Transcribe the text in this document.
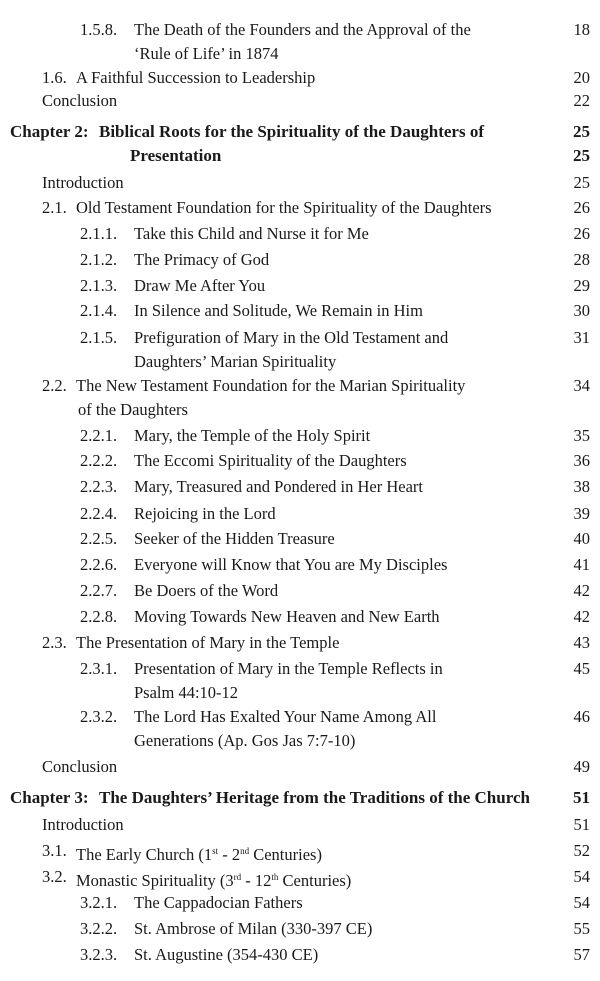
1.5.8. The Death of the Founders and the Approval of the	18
‘Rule of Life’ in 1874
1.6. A Faithful Succession to Leadership	20
Conclusion	22
Chapter 2: Biblical Roots for the Spirituality of the Daughters of	25
Presentation	25
Introduction	25
2.1. Old Testament Foundation for the Spirituality of the Daughters	26
2.1.1. Take this Child and Nurse it for Me	26
2.1.2. The Primacy of God	28
2.1.3. Draw Me After You	29
2.1.4. In Silence and Solitude, We Remain in Him	30
2.1.5. Prefiguration of Mary in the Old Testament and	31
Daughters’ Marian Spirituality
2.2. The New Testament Foundation for the Marian Spirituality	34
of the Daughters
2.2.1. Mary, the Temple of the Holy Spirit	35
2.2.2. The Eccomi Spirituality of the Daughters	36
2.2.3. Mary, Treasured and Pondered in Her Heart	38
2.2.4. Rejoicing in the Lord	39
2.2.5. Seeker of the Hidden Treasure	40
2.2.6. Everyone will Know that You are My Disciples	41
2.2.7. Be Doers of the Word	42
2.2.8. Moving Towards New Heaven and New Earth	42
2.3. The Presentation of Mary in the Temple	43
2.3.1. Presentation of Mary in the Temple Reflects in	45
Psalm 44:10-12
2.3.2. The Lord Has Exalted Your Name Among All	46
Generations (Ap. Gos Jas 7:7-10)
Conclusion	49
Chapter 3: The Daughters’ Heritage from the Traditions of the Church	51
Introduction	51
3.1. The Early Church (1st - 2nd Centuries)	52
3.2. Monastic Spirituality (3rd - 12th Centuries)	54
3.2.1. The Cappadocian Fathers	54
3.2.2. St. Ambrose of Milan (330-397 CE)	55
3.2.3. St. Augustine (354-430 CE)	57
